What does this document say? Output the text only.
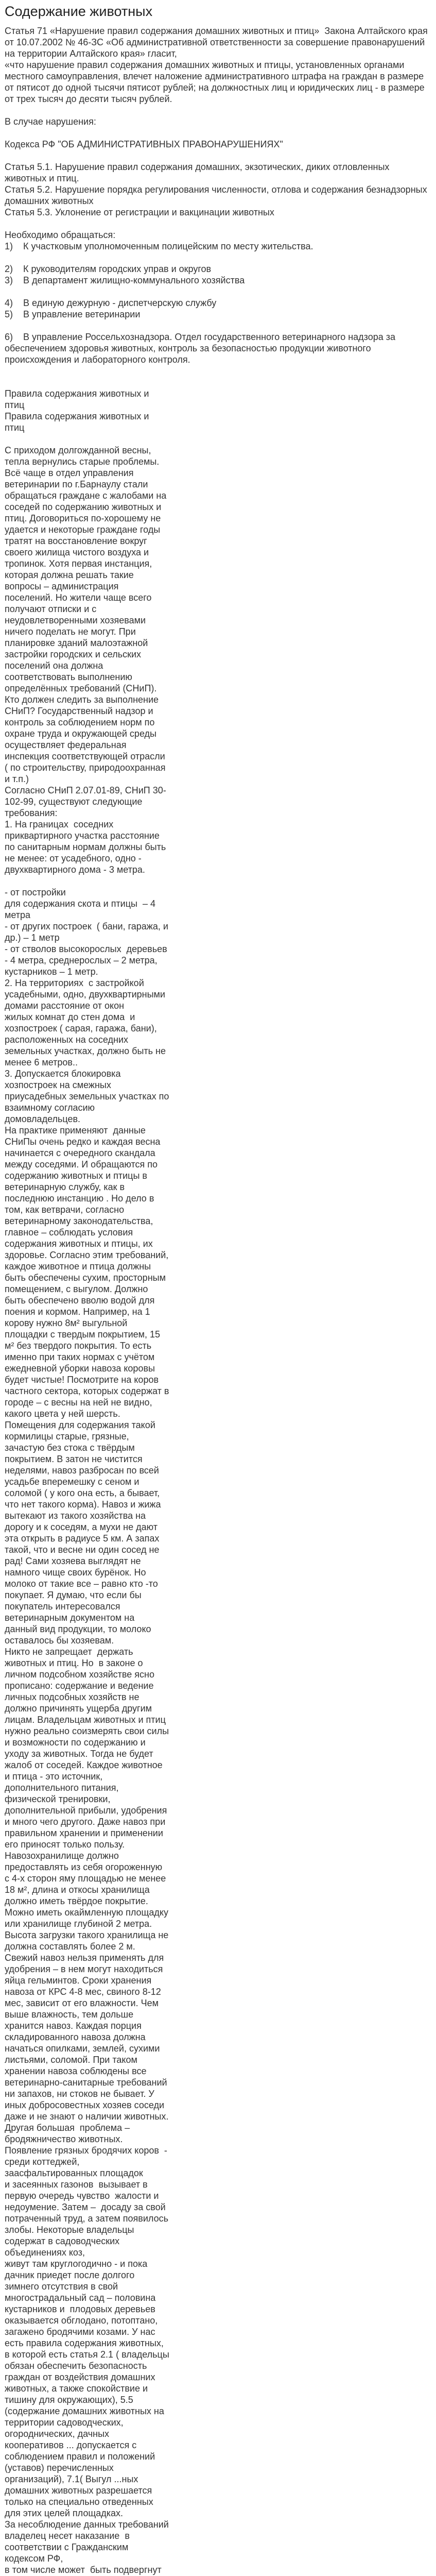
Содержание животных

Статья 71 «Нарушение правил содержания домашних животных и птиц»  Закона Алтайского края от 10.07.2002 № 46-ЗС «Об административной ответственности за совершение правонарушений на территории Алтайского края» гласит,
«что нарушение правил содержания домашних животных и птицы, установленных органами местного самоуправления, влечет наложение административного штрафа на граждан в размере от пятисот до одной тысячи пятисот рублей; на должностных лиц и юридических лиц - в размере от трех тысяч до десяти тысяч рублей.

В случае нарушения:

Кодекса РФ "ОБ АДМИНИСТРАТИВНЫХ ПРАВОНАРУШЕНИЯХ"

Статья 5.1. Нарушение правил содержания домашних, экзотических, диких отловленных животных и птиц.
Статья 5.2. Нарушение порядка регулирования численности, отлова и содержания безнадзорных домашних животных
Статья 5.3. Уклонение от регистрации и вакцинации животных

Необходимо обращаться:
1)    К участковым уполномоченным полицейским по месту жительства.

2)    К руководителям городских управ и округов
3)    В департамент жилищно-коммунального хозяйства

4)    В единую дежурную - диспетчерскую службу
5)    В управление ветеринарии

6)    В управление Россельхознадзора. Отдел государственного ветеринарного надзора за обеспечением здоровья животных, контроль за безопасностью продукции животного происхождения и лабораторного контроля.

Правила содержания животных и птиц

Правила содержания животных и птиц

С приходом долгожданной весны,
тепла вернулись старые проблемы. Всё чаще в отдел управления ветеринарии по г.Барнаулу стали обращаться граждане с жалобами на соседей по содержанию животных и птиц. Договориться по-хорошему не удается и некоторые граждане годы тратят на восстановление вокруг своего жилища чистого воздуха и тропинок. Хотя первая инстанция, которая должна решать такие вопросы – администрация поселений. Но жители чаще всего получают отписки и с неудовлетворенными хозяевами ничего поделать не могут. При планировке зданий малоэтажной застройки городских и сельских поселений она должна соответствовать выполнению определённых требований (СНиП). Кто должен следить за выполнение СНиП? Государственный надзор и контроль за соблюдением норм по охране труда и окружающей среды осуществляет федеральная инспекция соответствующей отрасли ( по строительству, природоохранная и т.п.)

Согласно СНиП 2.07.01-89, СНиП 30-102-99, существуют следующие требования:

1. На границах  соседних приквартирного участка расстояние по санитарным нормам должны быть не менее: от усадебного, одно - двухквартирного дома - 3 метра.

- от постройки
для содержания скота и птицы  – 4 метра

- от других построек  ( бани, гаража, и др.) – 1 метр

- от стволов высокорослых  деревьев - 4 метра, среднерослых – 2 метра, кустарников – 1 метр.

2. На территориях  с застройкой усадебными, одно, двухквартирными
домами расстояние от окон
жилых комнат до стен дома  и хозпостроек ( сарая, гаража, бани), расположенных на соседних земельных участках, должно быть не менее 6 метров..

3. Допускается блокировка  хозпостроек на смежных приусадебных земельных участках по взаимному согласию домовладельцев.

На практике применяют  данные
СНиПы очень редко и каждая весна начинается с очередного скандала между соседями. И обращаются по содержанию животных и птицы в ветеринарную службу, как в последнюю инстанцию . Но дело в том, как ветврачи, согласно ветеринарному законодательства, главное – соблюдать условия содержания животных и птицы, их здоровье. Согласно этим требований, каждое животное и птица должны быть обеспечены сухим, просторным помещением, с выгулом. Должно быть обеспечено вволю водой для поения и кормом. Например, на 1 корову нужно 8м² выгульной площадки с твердым покрытием, 15 м² без твердого покрытия. То есть именно при таких нормах с учётом ежедневной уборки навоза коровы будет чистые! Посмотрите на коров частного сектора, которых содержат в городе – с весны на ней не видно, какого цвета у ней шерсть. Помещения для содержания такой кормилицы старые, грязные, зачастую без стока с твёрдым покрытием. В затон не чистится неделями, навоз разбросан по всей усадьбе вперемешку с сеном и соломой ( у кого она есть, а бывает, что нет такого корма). Навоз и жижа вытекают из такого хозяйства на дорогу и к соседям, а мухи не дают эта открыть в радиусе 5 км. А запах такой, что и весне ни один сосед не рад! Сами хозяева выглядят не намного чище своих бурёнок. Но молоко от такие все – равно кто -то покупает. Я думаю, что если бы покупатель интересовался ветеринарным документом на данный вид продукции, то молоко оставалось бы хозяевам.

Никто не запрещает  держать животных и птиц. Но  в законе о личном подсобном хозяйстве ясно прописано: содержание и ведение личных подсобных хозяйств не должно причинять ущерба другим лицам. Владельцам животных и птиц нужно реально соизмерять свои силы и возможности по содержанию и уходу за животных. Тогда не будет жалоб от соседей. Каждое животное и птица - это источник, дополнительного питания, физической тренировки, дополнительной прибыли, удобрения и много чего другого. Даже навоз при правильном хранении и применении его приносят только пользу. Навозохранилище должно предоставлять из себя огороженную с 4-х сторон яму площадью не менее 18 м², длина и откосы хранилища должно иметь твёрдое покрытие. Можно иметь окаймленную площадку или хранилище глубиной 2 метра. Высота загрузки такого хранилища не должна составлять более 2 м. Свежий навоз нельзя применять для удобрения – в нем могут находиться яйца гельминтов. Сроки хранения навоза от КРС 4-8 мес, свиного 8-12 мес, зависит от его влажности. Чем выше влажность, тем дольше хранится навоз. Каждая порция складированного навоза должна начаться опилками, землей, сухими листьями, соломой. При таком хранении навоза соблюдены все ветеринарно-санитарные требований ни запахов, ни стоков не бывает. У иных добросовестных хозяев соседи даже и не знают о наличии животных.

Другая большая  проблема – бродяжничество животных. Появление грязных бродячих коров  - среди коттеджей, заасфальтированных площадок
и засеянных газонов  вызывает в первую очередь чувство  жалости и недоумение. Затем –  досаду за свой потраченный труд, а затем появилось злобы. Некоторые владельцы содержат в садоводческих объединениях коз,
живут там круглогодично - и пока дачник приедет после долгого  зимнего отсутствия в свой многострадальный сад – половина кустарников и  плодовых деревьев оказывается обглодано, потоптано, загажено бродячими козами. У нас есть правила содержания животных,
в которой есть статья 2.1 ( владельцы обязан обеспечить безопасность граждан от воздействия домашних животных, а также спокойствие и тишину для окружающих), 5.5 (содержание домашних животных на территории садоводческих, огороднических, дачных кооперативов ... допускается с соблюдением правил и положений (уставов) перечисленных организаций), 7.1( Выгул ...ных домашних животных разрешается только на специально отведенных для этих целей площадках.

За несоблюдение данных требований владелец несет наказание  в соответствии с Гражданским  кодексом РФ,
в том числе может  быть подвергнут
